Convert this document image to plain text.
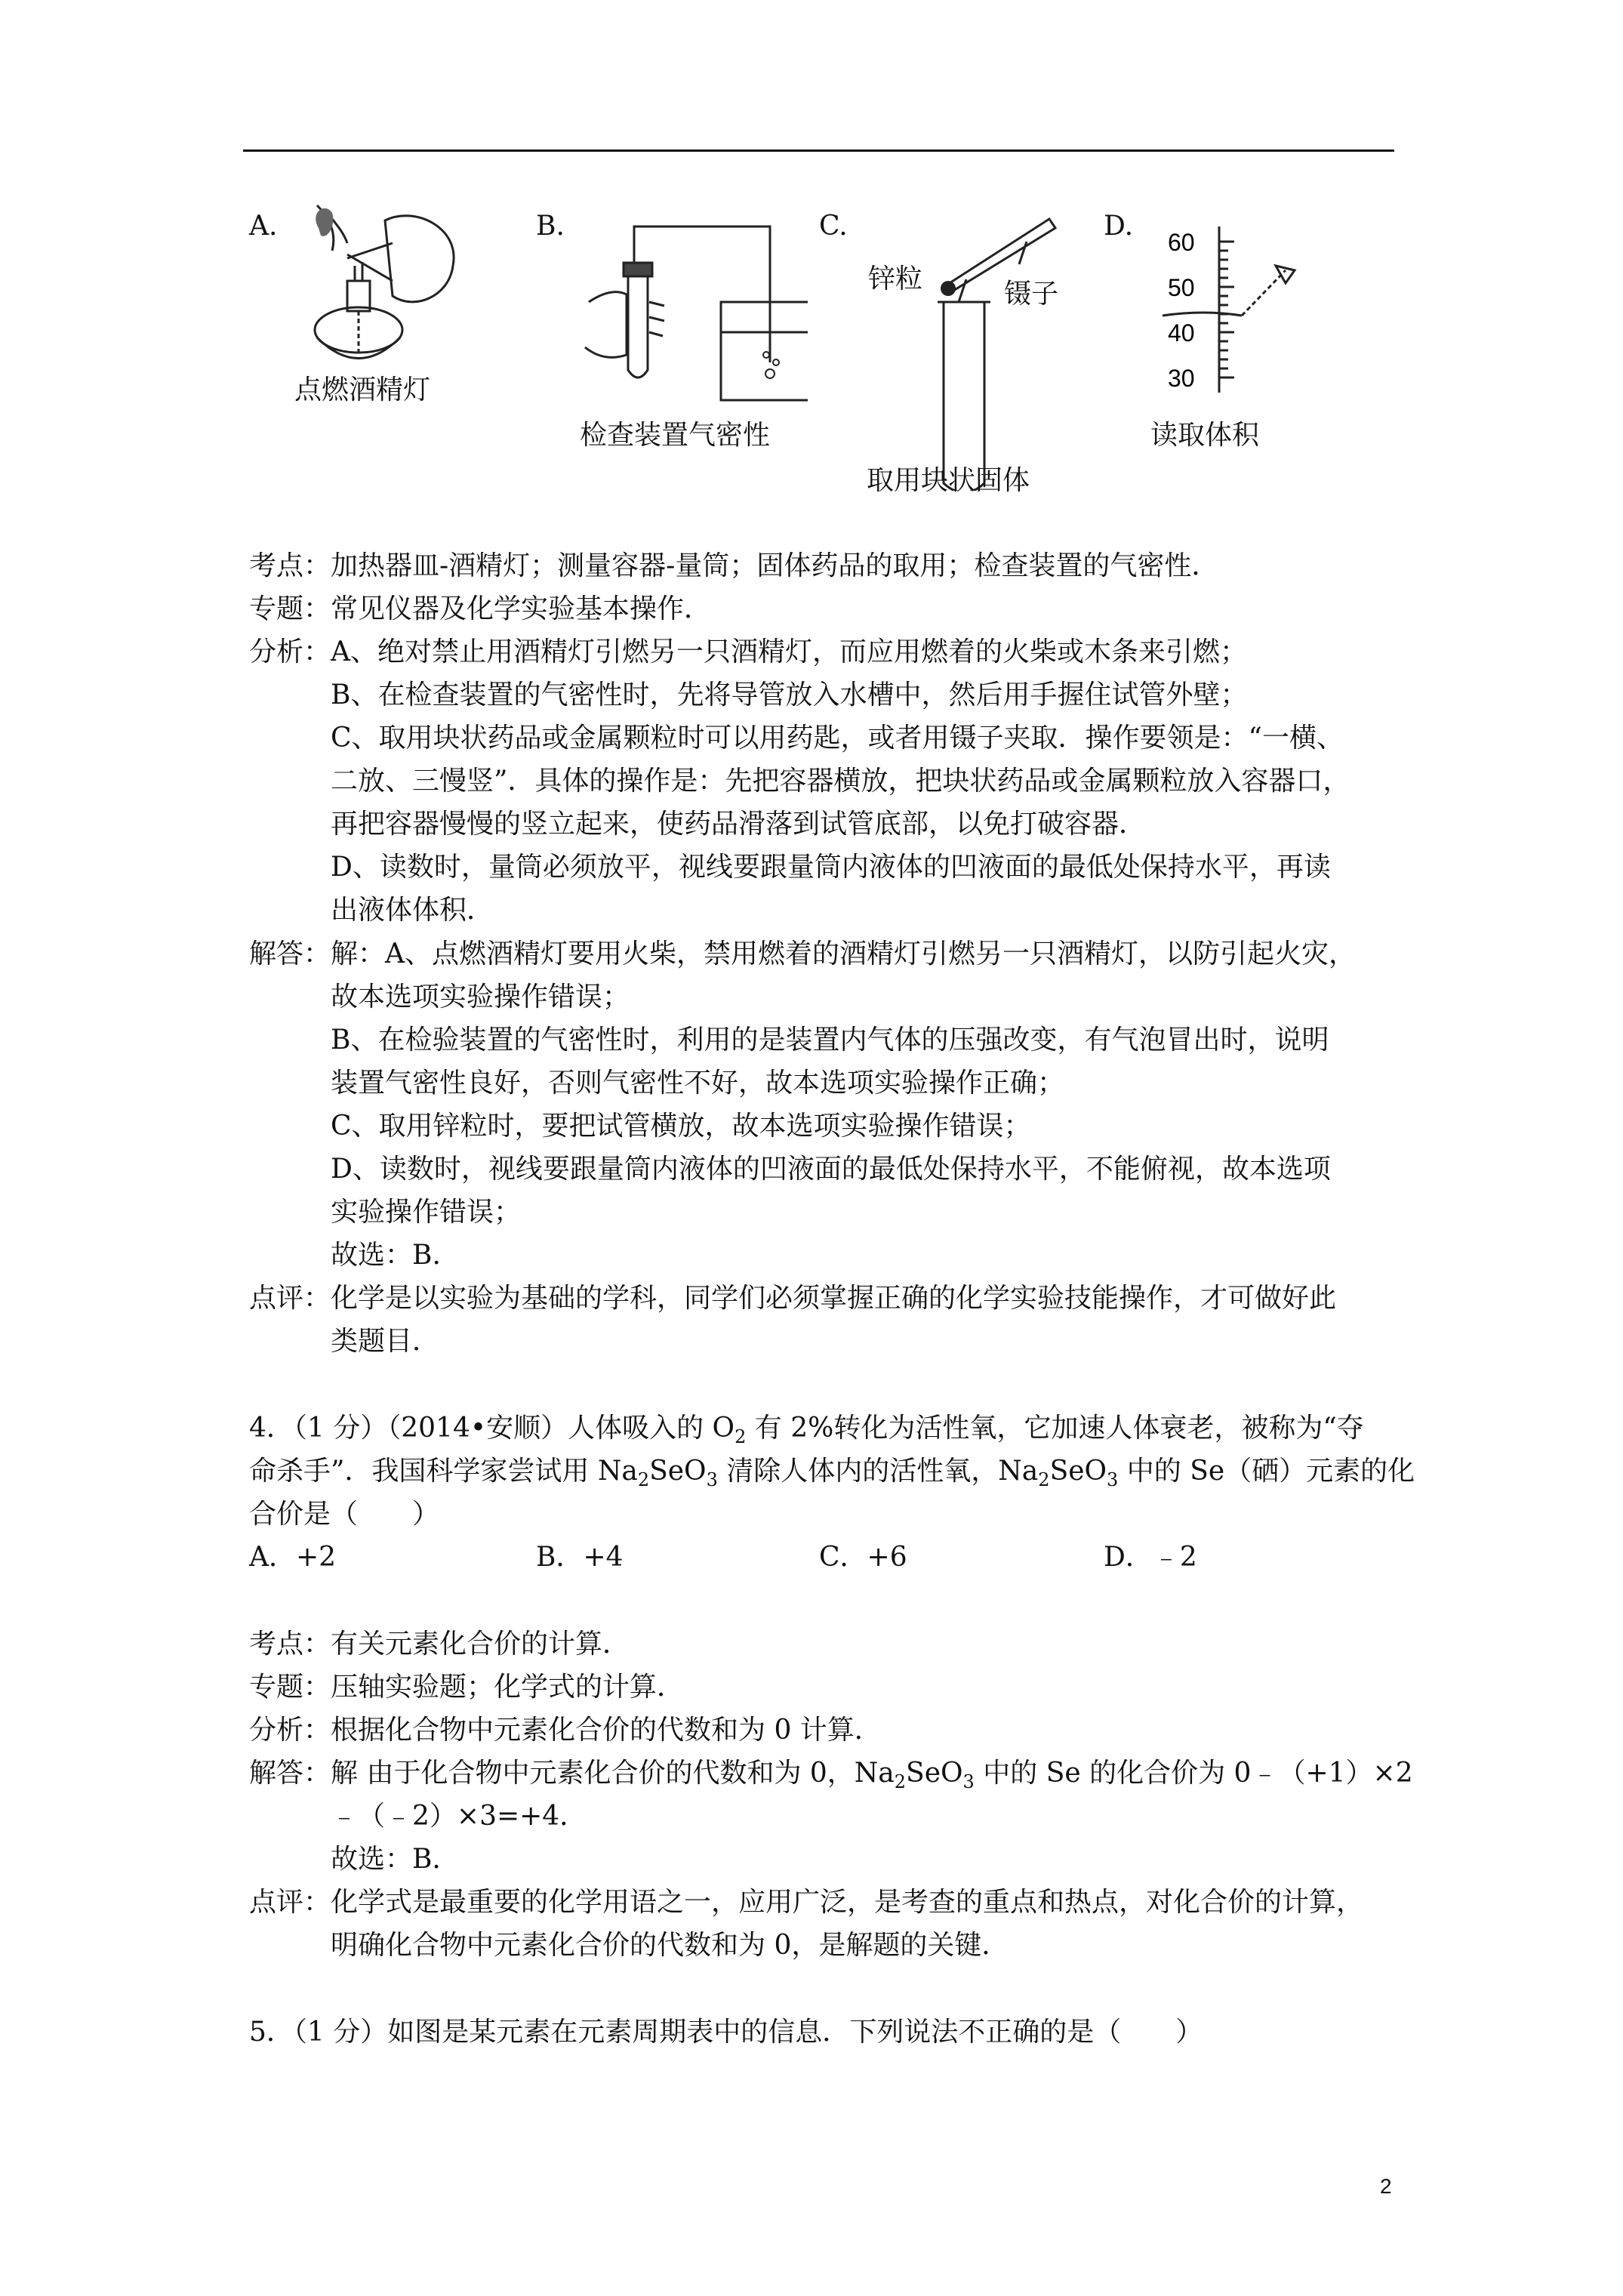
A.	B.	C.	D.
点燃酒精灯
检查装置气密性
锌粒	镊子
取用块状固体
60
50
40
30
读取体积
考点：加热器皿-酒精灯；测量容器-量筒；固体药品的取用；检查装置的气密性．
专题：常见仪器及化学实验基本操作．
分析：A、绝对禁止用酒精灯引燃另一只酒精灯，而应用燃着的火柴或木条来引燃；
B、在检查装置的气密性时，先将导管放入水槽中，然后用手握住试管外壁；
C、取用块状药品或金属颗粒时可以用药匙，或者用镊子夹取．操作要领是：“一横、
二放、三慢竖”．具体的操作是：先把容器横放，把块状药品或金属颗粒放入容器口，
再把容器慢慢的竖立起来，使药品滑落到试管底部，以免打破容器．
D、读数时，量筒必须放平，视线要跟量筒内液体的凹液面的最低处保持水平，再读
出液体体积．
解答：解：A、点燃酒精灯要用火柴，禁用燃着的酒精灯引燃另一只酒精灯，以防引起火灾，
故本选项实验操作错误；
B、在检验装置的气密性时，利用的是装置内气体的压强改变，有气泡冒出时，说明
装置气密性良好，否则气密性不好，故本选项实验操作正确；
C、取用锌粒时，要把试管横放，故本选项实验操作错误；
D、读数时，视线要跟量筒内液体的凹液面的最低处保持水平，不能俯视，故本选项
实验操作错误；
故选：B.
点评：化学是以实验为基础的学科，同学们必须掌握正确的化学实验技能操作，才可做好此
类题目．
4．（1 分）（2014•安顺）人体吸入的 $O_2$ 有 2%转化为活性氧，它加速人体衰老，被称为“夺
命杀手”．我国科学家尝试用 $Na_2SeO_3$ 清除人体内的活性氧，$Na_2SeO_3$ 中的 Se（硒）元素的化
合价是（　　）
A．+2	B．+4	C．+6	D．﹣2
考点：有关元素化合价的计算．
专题：压轴实验题；化学式的计算．
分析：根据化合物中元素化合价的代数和为 0 计算．
解答：解 由于化合物中元素化合价的代数和为 0，$Na_2SeO_3$ 中的 Se 的化合价为 0﹣（+1）×2
﹣（﹣2）×3=+4．
故选：B．
点评：化学式是最重要的化学用语之一，应用广泛，是考查的重点和热点，对化合价的计算，
明确化合物中元素化合价的代数和为 0，是解题的关键．
5．（1 分）如图是某元素在元素周期表中的信息．下列说法不正确的是（　　）
2
